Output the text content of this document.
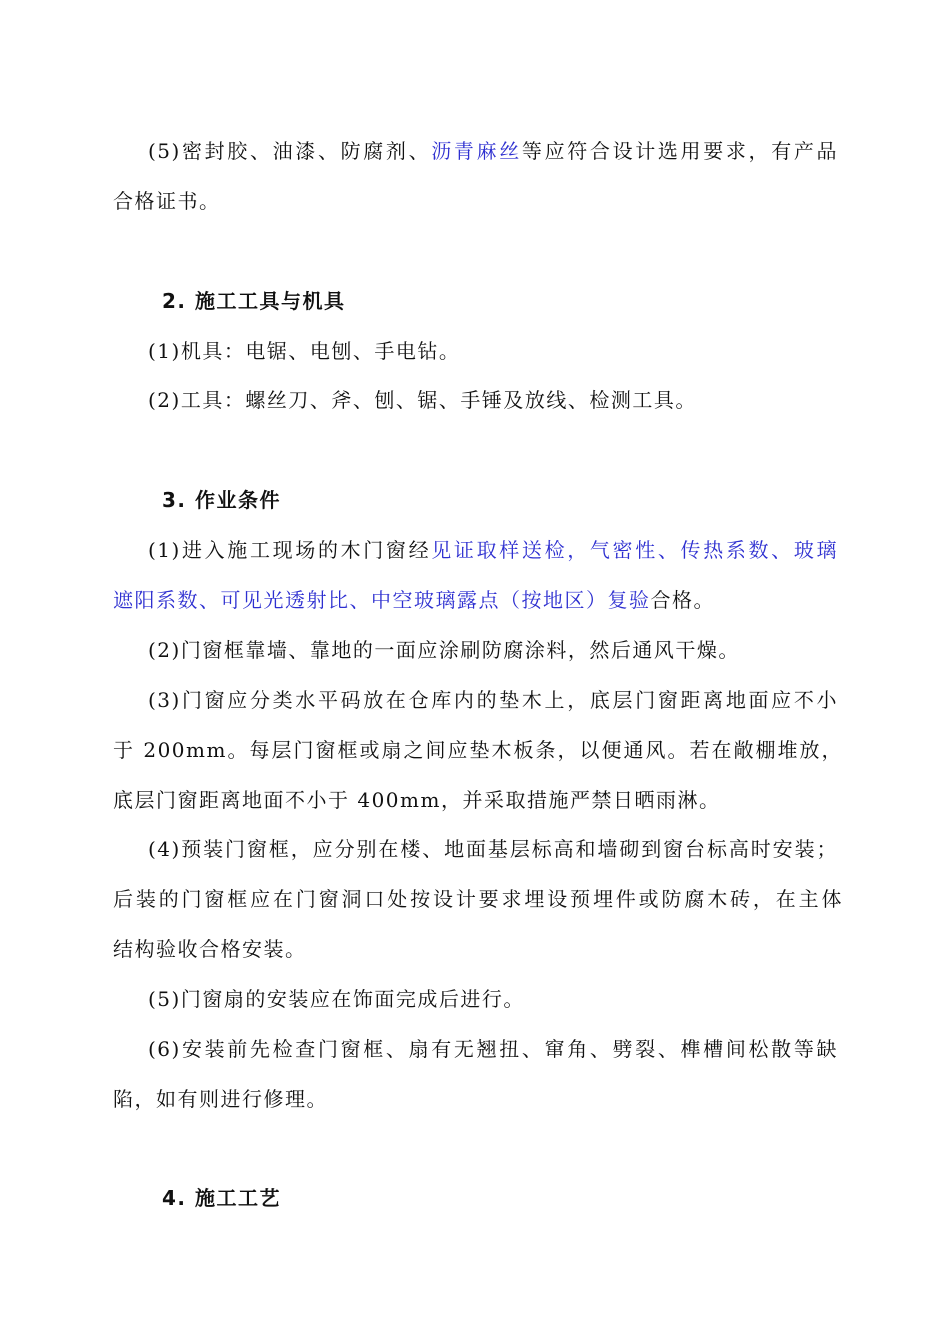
(5)密封胶、油漆、防腐剂、沥青麻丝等应符合设计选用要求，有产品
合格证书。
2. 施工工具与机具
(1)机具：电锯、电刨、手电钻。
(2)工具：螺丝刀、斧、刨、锯、手锤及放线、检测工具。
3. 作业条件
(1)进入施工现场的木门窗经见证取样送检，气密性、传热系数、玻璃
遮阳系数、可见光透射比、中空玻璃露点（按地区）复验合格。
(2)门窗框靠墙、靠地的一面应涂刷防腐涂料，然后通风干燥。
(3)门窗应分类水平码放在仓库内的垫木上，底层门窗距离地面应不小
于 200mm。每层门窗框或扇之间应垫木板条，以便通风。若在敞棚堆放，
底层门窗距离地面不小于 400mm，并采取措施严禁日晒雨淋。
(4)预装门窗框，应分别在楼、地面基层标高和墙砌到窗台标高时安装；
后装的门窗框应在门窗洞口处按设计要求埋设预埋件或防腐木砖，在主体
结构验收合格安装。
(5)门窗扇的安装应在饰面完成后进行。
(6)安装前先检查门窗框、扇有无翘扭、窜角、劈裂、榫槽间松散等缺
陷，如有则进行修理。
4. 施工工艺
